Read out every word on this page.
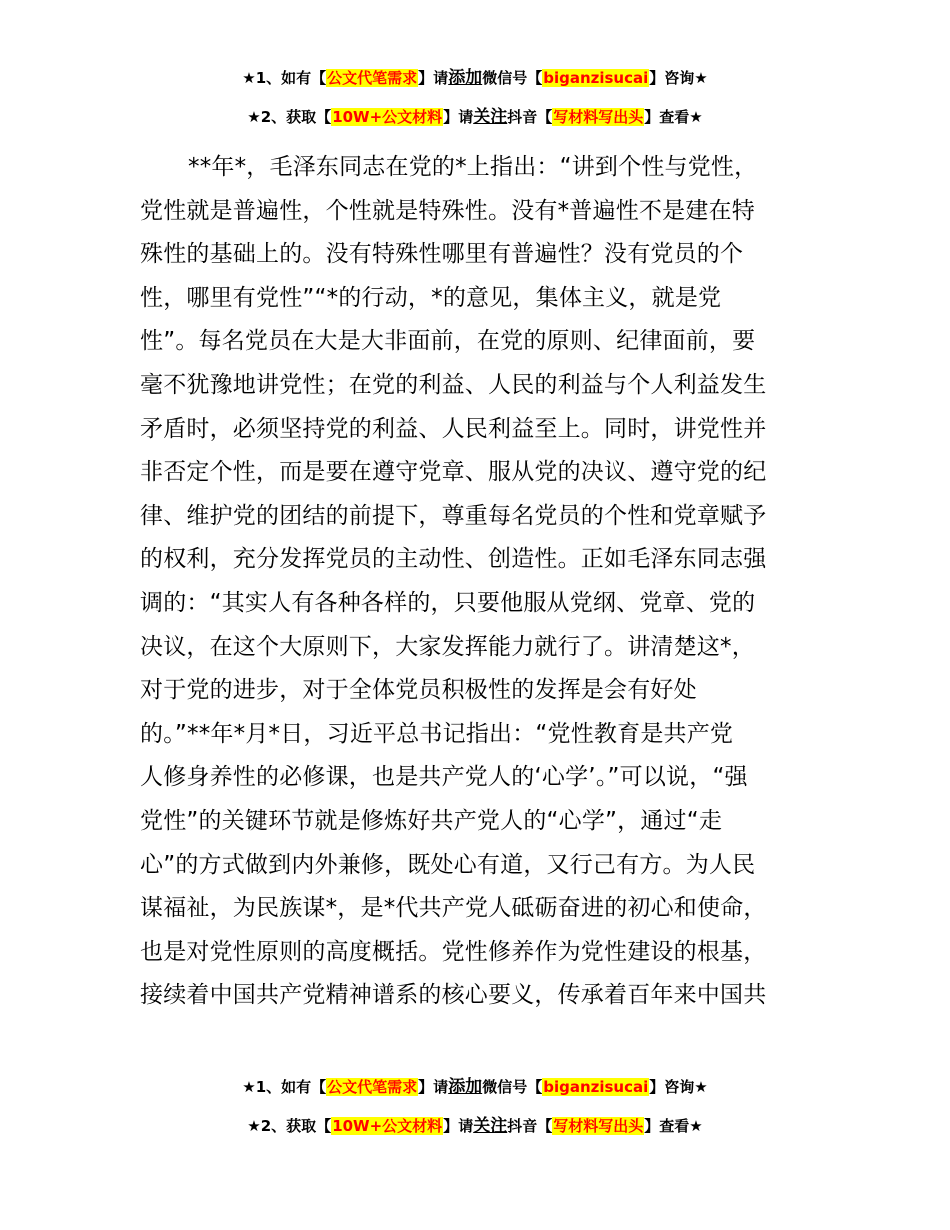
★1、如有【公文代笔需求】请添加微信号【biganzisucai】咨询★
★2、获取【10W+公文材料】请关注抖音【写材料写出头】查看★
**年*，毛泽东同志在党的*上指出：“讲到个性与党性，
党性就是普遍性，个性就是特殊性。没有*普遍性不是建在特
殊性的基础上的。没有特殊性哪里有普遍性？没有党员的个
性，哪里有党性”“*的行动，*的意见，集体主义，就是党
性”。每名党员在大是大非面前，在党的原则、纪律面前，要
毫不犹豫地讲党性；在党的利益、人民的利益与个人利益发生
矛盾时，必须坚持党的利益、人民利益至上。同时，讲党性并
非否定个性，而是要在遵守党章、服从党的决议、遵守党的纪
律、维护党的团结的前提下，尊重每名党员的个性和党章赋予
的权利，充分发挥党员的主动性、创造性。正如毛泽东同志强
调的：“其实人有各种各样的，只要他服从党纲、党章、党的
决议，在这个大原则下，大家发挥能力就行了。讲清楚这*，
对于党的进步，对于全体党员积极性的发挥是会有好处
的。”**年*月*日，习近平总书记指出：“党性教育是共产党
人修身养性的必修课，也是共产党人的‘心学’。”可以说，“强
党性”的关键环节就是修炼好共产党人的“心学”，通过“走
心”的方式做到内外兼修，既处心有道，又行己有方。为人民
谋福祉，为民族谋*，是*代共产党人砥砺奋进的初心和使命，
也是对党性原则的高度概括。党性修养作为党性建设的根基，
接续着中国共产党精神谱系的核心要义，传承着百年来中国共
★1、如有【公文代笔需求】请添加微信号【biganzisucai】咨询★
★2、获取【10W+公文材料】请关注抖音【写材料写出头】查看★
